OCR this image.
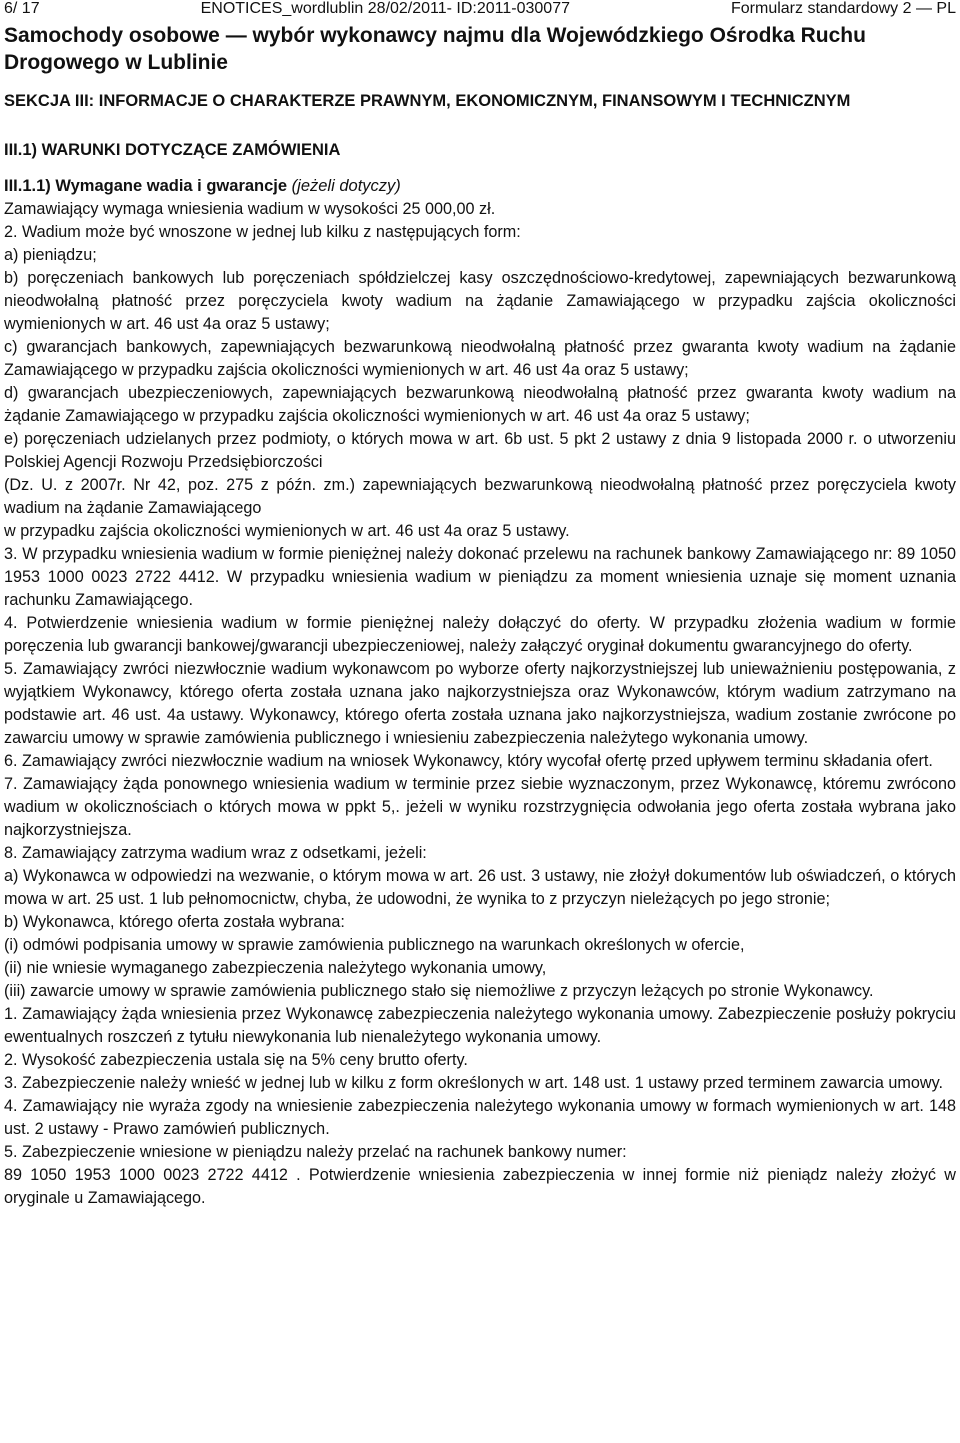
6/ 17	ENOTICES_wordlublin 28/02/2011- ID:2011-030077	Formularz standardowy 2 — PL
Samochody osobowe — wybór wykonawcy najmu dla Wojewódzkiego Ośrodka Ruchu Drogowego w Lublinie
SEKCJA III: INFORMACJE O CHARAKTERZE PRAWNYM, EKONOMICZNYM, FINANSOWYM I TECHNICZNYM
III.1) WARUNKI DOTYCZĄCE ZAMÓWIENIA
III.1.1) Wymagane wadia i gwarancje (jeżeli dotyczy)

Zamawiający wymaga wniesienia wadium w wysokości 25 000,00 zł.

2. Wadium może być wnoszone w jednej lub kilku z następujących form:

a) pieniądzu;

b) poręczeniach bankowych lub poręczeniach spółdzielczej kasy oszczędnościowo-kredytowej, zapewniających bezwarunkową nieodwołalną płatność przez poręczyciela kwoty wadium na żądanie Zamawiającego w przypadku zajścia okoliczności wymienionych w art. 46 ust 4a oraz 5 ustawy;

c) gwarancjach bankowych, zapewniających bezwarunkową nieodwołalną płatność przez gwaranta kwoty wadium na żądanie Zamawiającego w przypadku zajścia okoliczności wymienionych w art. 46 ust 4a oraz 5 ustawy;

d) gwarancjach ubezpieczeniowych, zapewniających bezwarunkową nieodwołalną płatność przez gwaranta kwoty wadium na żądanie Zamawiającego w przypadku zajścia okoliczności wymienionych w art. 46 ust 4a oraz 5 ustawy;

e) poręczeniach udzielanych przez podmioty, o których mowa w art. 6b ust. 5 pkt 2 ustawy z dnia 9 listopada 2000 r. o utworzeniu Polskiej Agencji Rozwoju Przedsiębiorczości

(Dz. U. z 2007r. Nr 42, poz. 275 z późn. zm.) zapewniających bezwarunkową nieodwołalną płatność przez poręczyciela kwoty wadium na żądanie Zamawiającego

w przypadku zajścia okoliczności wymienionych w art. 46 ust 4a oraz 5 ustawy.

3. W przypadku wniesienia wadium w formie pieniężnej należy dokonać przelewu na rachunek bankowy Zamawiającego nr: 89 1050 1953 1000 0023 2722 4412. W przypadku wniesienia wadium w pieniądzu za moment wniesienia uznaje się moment uznania rachunku Zamawiającego.

4. Potwierdzenie wniesienia wadium w formie pieniężnej należy dołączyć do oferty. W przypadku złożenia wadium w formie poręczenia lub gwarancji bankowej/gwarancji ubezpieczeniowej, należy załączyć oryginał dokumentu gwarancyjnego do oferty.

5. Zamawiający zwróci niezwłocznie wadium wykonawcom po wyborze oferty najkorzystniejszej lub unieważnieniu postępowania, z wyjątkiem Wykonawcy, którego oferta została uznana jako najkorzystniejsza oraz Wykonawców, którym wadium zatrzymano na podstawie art. 46 ust. 4a ustawy. Wykonawcy, którego oferta została uznana jako najkorzystniejsza, wadium zostanie zwrócone po zawarciu umowy w sprawie zamówienia publicznego i wniesieniu zabezpieczenia należytego wykonania umowy.

6. Zamawiający zwróci niezwłocznie wadium na wniosek Wykonawcy, który wycofał ofertę przed upływem terminu składania ofert.

7. Zamawiający żąda ponownego wniesienia wadium w terminie przez siebie wyznaczonym, przez Wykonawcę, któremu zwrócono wadium w okolicznościach o których mowa w ppkt 5,. jeżeli w wyniku rozstrzygnięcia odwołania jego oferta została wybrana jako najkorzystniejsza.

8. Zamawiający zatrzyma wadium wraz z odsetkami, jeżeli:

a) Wykonawca w odpowiedzi na wezwanie, o którym mowa w art. 26 ust. 3 ustawy, nie złożył dokumentów lub oświadczeń, o których mowa w art. 25 ust. 1 lub pełnomocnictw, chyba, że udowodni, że wynika to z przyczyn nieleżących po jego stronie;

b) Wykonawca, którego oferta została wybrana:

(i) odmówi podpisania umowy w sprawie zamówienia publicznego na warunkach określonych w ofercie,

(ii) nie wniesie wymaganego zabezpieczenia należytego wykonania umowy,

(iii) zawarcie umowy w sprawie zamówienia publicznego stało się niemożliwe z przyczyn leżących po stronie Wykonawcy.

1. Zamawiający żąda wniesienia przez Wykonawcę zabezpieczenia należytego wykonania umowy. Zabezpieczenie posłuży pokryciu ewentualnych roszczeń z tytułu niewykonania lub nienależytego wykonania umowy.

2. Wysokość zabezpieczenia ustala się na 5% ceny brutto oferty.

3. Zabezpieczenie należy wnieść w jednej lub w kilku z form określonych w art. 148 ust. 1 ustawy przed terminem zawarcia umowy.

4. Zamawiający nie wyraża zgody na wniesienie zabezpieczenia należytego wykonania umowy w formach wymienionych w art. 148 ust. 2 ustawy - Prawo zamówień publicznych.

5. Zabezpieczenie wniesione w pieniądzu należy przelać na rachunek bankowy numer:

89 1050 1953 1000 0023 2722 4412 . Potwierdzenie wniesienia zabezpieczenia w innej formie niż pieniądz należy złożyć w oryginale u Zamawiającego.
